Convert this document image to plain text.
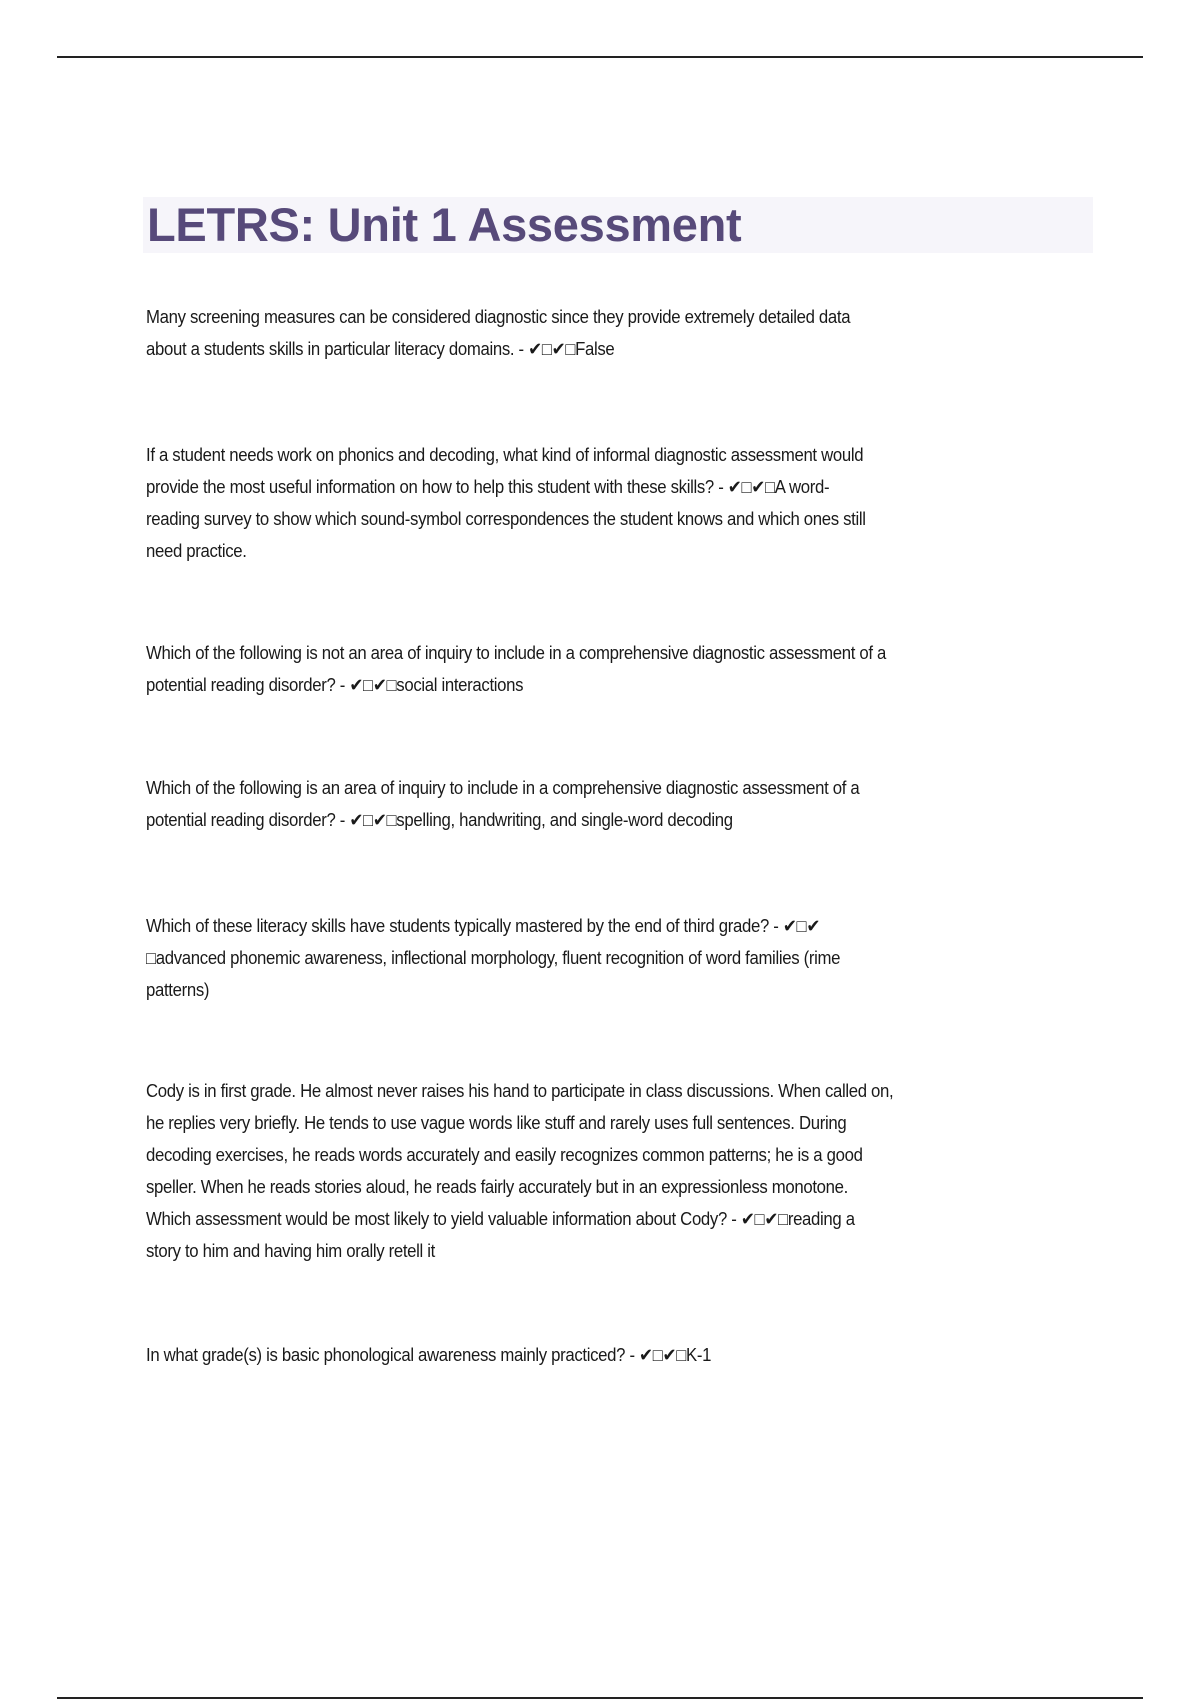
LETRS: Unit 1 Assessment
Many screening measures can be considered diagnostic since they provide extremely detailed data
about a students skills in particular literacy domains. - ✔□✔□False
If a student needs work on phonics and decoding, what kind of informal diagnostic assessment would
provide the most useful information on how to help this student with these skills? - ✔□✔□A word-
reading survey to show which sound-symbol correspondences the student knows and which ones still
need practice.
Which of the following is not an area of inquiry to include in a comprehensive diagnostic assessment of a
potential reading disorder? - ✔□✔□social interactions
Which of the following is an area of inquiry to include in a comprehensive diagnostic assessment of a
potential reading disorder? - ✔□✔□spelling, handwriting, and single-word decoding
Which of these literacy skills have students typically mastered by the end of third grade? - ✔□✔
□advanced phonemic awareness, inflectional morphology, fluent recognition of word families (rime
patterns)
Cody is in first grade. He almost never raises his hand to participate in class discussions. When called on,
he replies very briefly. He tends to use vague words like stuff and rarely uses full sentences. During
decoding exercises, he reads words accurately and easily recognizes common patterns; he is a good
speller. When he reads stories aloud, he reads fairly accurately but in an expressionless monotone.
Which assessment would be most likely to yield valuable information about Cody? - ✔□✔□reading a
story to him and having him orally retell it
In what grade(s) is basic phonological awareness mainly practiced? - ✔□✔□K-1
